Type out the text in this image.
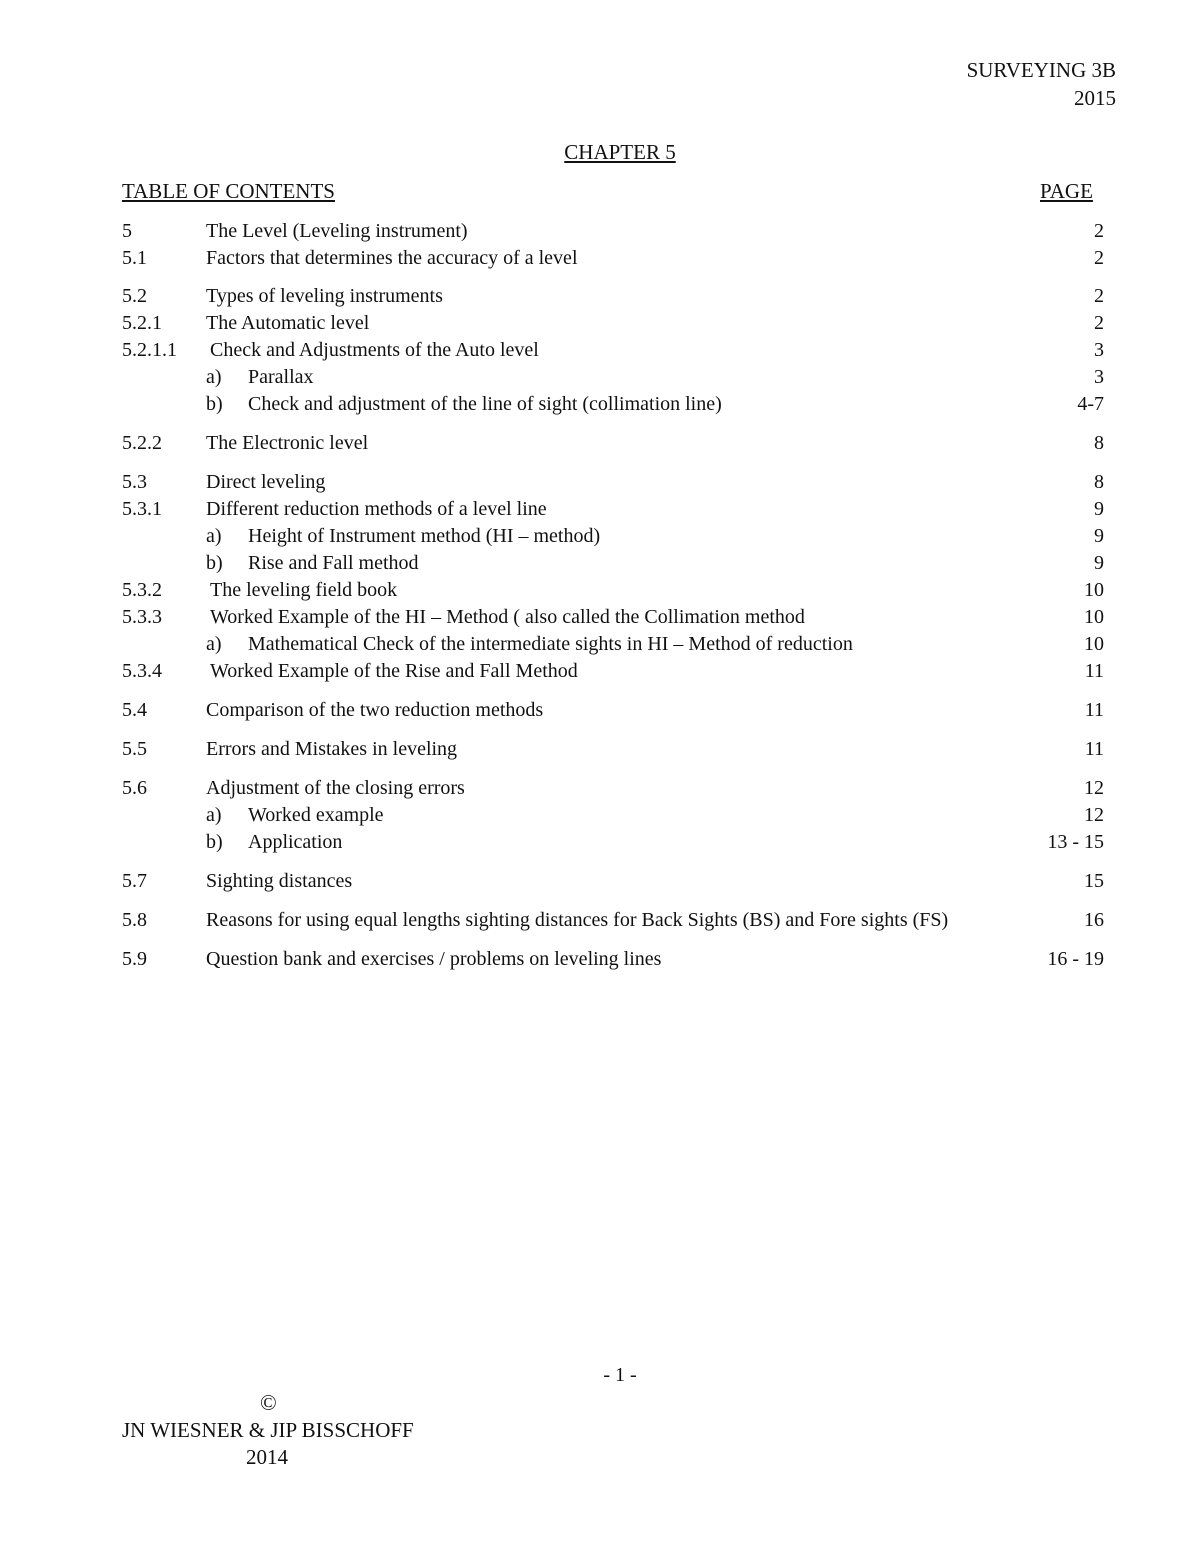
SURVEYING 3B
2015
CHAPTER 5
TABLE OF CONTENTS	PAGE
5	The Level (Leveling instrument)	2
5.1	Factors that determines the accuracy of a level	2
5.2	Types of leveling instruments	2
5.2.1 The Automatic level	2
5.2.1.1 Check and Adjustments of the Auto level	3
a) Parallax	3
b) Check and adjustment of the line of sight (collimation line)	4-7
5.2.2 The Electronic level	8
5.3	Direct leveling	8
5.3.1 Different reduction methods of a level line	9
a) Height of Instrument method (HI – method)	9
b) Rise and Fall method	9
5.3.2 The leveling field book	10
5.3.3 Worked Example of the HI – Method ( also called the Collimation method	10
a) Mathematical Check of the intermediate sights in HI – Method of reduction	10
5.3.4 Worked Example of the Rise and Fall Method	11
5.4	Comparison of the two reduction methods	11
5.5	Errors and Mistakes in leveling	11
5.6	Adjustment of the closing errors	12
a) Worked example	12
b) Application	13 - 15
5.7	Sighting distances	15
5.8	Reasons for using equal lengths sighting distances for Back Sights (BS) and Fore sights (FS)	16
5.9	Question bank and exercises / problems on leveling lines	16 - 19
- 1 -
©
JN WIESNER & JIP BISSCHOFF
2014
